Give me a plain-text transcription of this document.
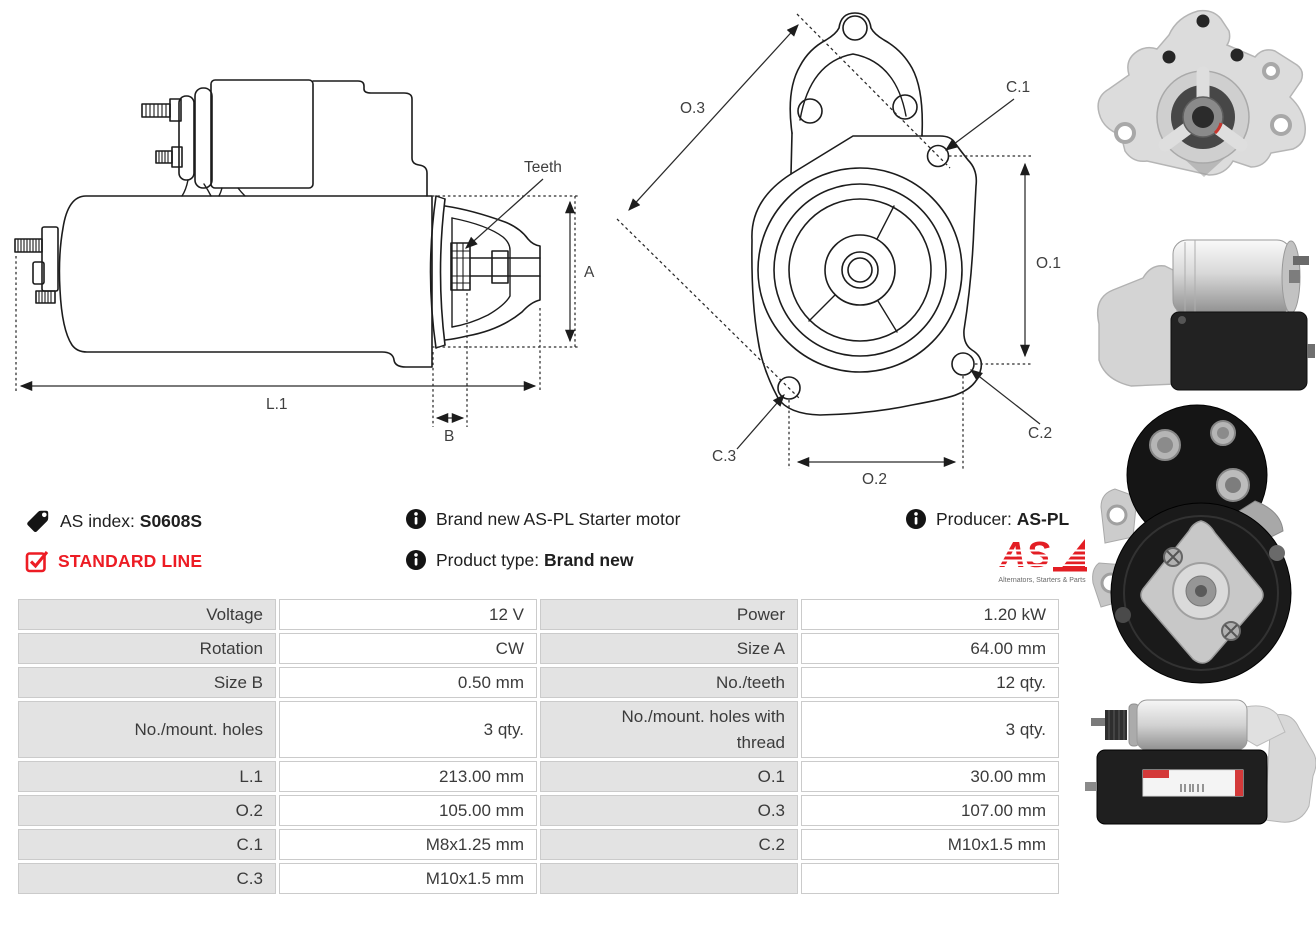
Teeth
A
L.1
B
O.3
C.1
O.1
C.3
C.2
O.2
AS index: S0608S
STANDARD LINE
Brand new AS-PL Starter motor
Product type: Brand new
Producer: AS-PL
Alternators, Starters & Parts
Voltage	12 V	Power	1.20 kW
Rotation	CW	Size A	64.00 mm
Size B	0.50 mm	No./teeth	12 qty.
No./mount. holes	3 qty.	No./mount. holes with thread	3 qty.
L.1	213.00 mm	O.1	30.00 mm
O.2	105.00 mm	O.3	107.00 mm
C.1	M8x1.25 mm	C.2	M10x1.5 mm
C.3	M10x1.5 mm		
